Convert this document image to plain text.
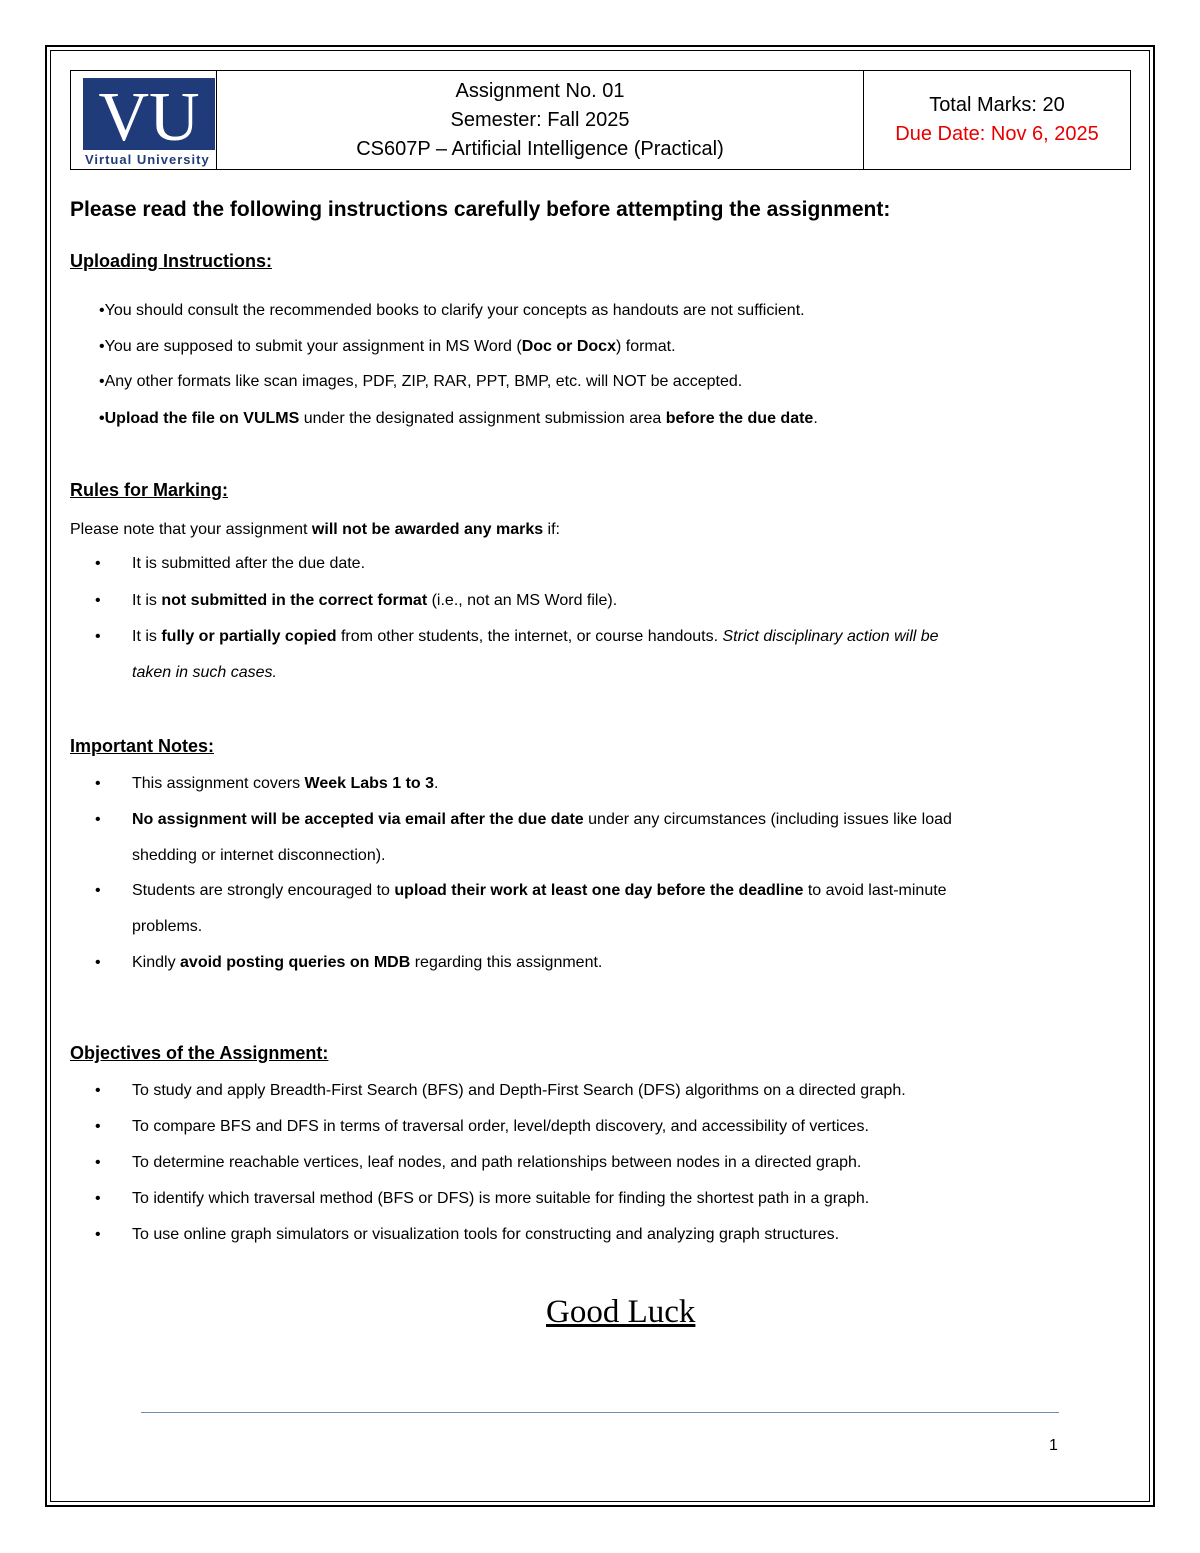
VU
Virtual University
Assignment No. 01
Semester: Fall 2025
CS607P – Artificial Intelligence (Practical)
Total Marks: 20
Due Date: Nov 6, 2025
Please read the following instructions carefully before attempting the assignment:
Uploading Instructions:
•You should consult the recommended books to clarify your concepts as handouts are not sufficient.
•You are supposed to submit your assignment in MS Word (Doc or Docx) format.
•Any other formats like scan images, PDF, ZIP, RAR, PPT, BMP, etc. will NOT be accepted.
•Upload the file on VULMS under the designated assignment submission area before the due date.
Rules for Marking:
Please note that your assignment will not be awarded any marks if:
•	It is submitted after the due date.
•	It is not submitted in the correct format (i.e., not an MS Word file).
•	It is fully or partially copied from other students, the internet, or course handouts. Strict disciplinary action will be
taken in such cases.
Important Notes:
•	This assignment covers Week Labs 1 to 3.
•	No assignment will be accepted via email after the due date under any circumstances (including issues like load
shedding or internet disconnection).
•	Students are strongly encouraged to upload their work at least one day before the deadline to avoid last-minute
problems.
•	Kindly avoid posting queries on MDB regarding this assignment.
Objectives of the Assignment:
•	To study and apply Breadth-First Search (BFS) and Depth-First Search (DFS) algorithms on a directed graph.
•	To compare BFS and DFS in terms of traversal order, level/depth discovery, and accessibility of vertices.
•	To determine reachable vertices, leaf nodes, and path relationships between nodes in a directed graph.
•	To identify which traversal method (BFS or DFS) is more suitable for finding the shortest path in a graph.
•	To use online graph simulators or visualization tools for constructing and analyzing graph structures.
Good Luck
1
